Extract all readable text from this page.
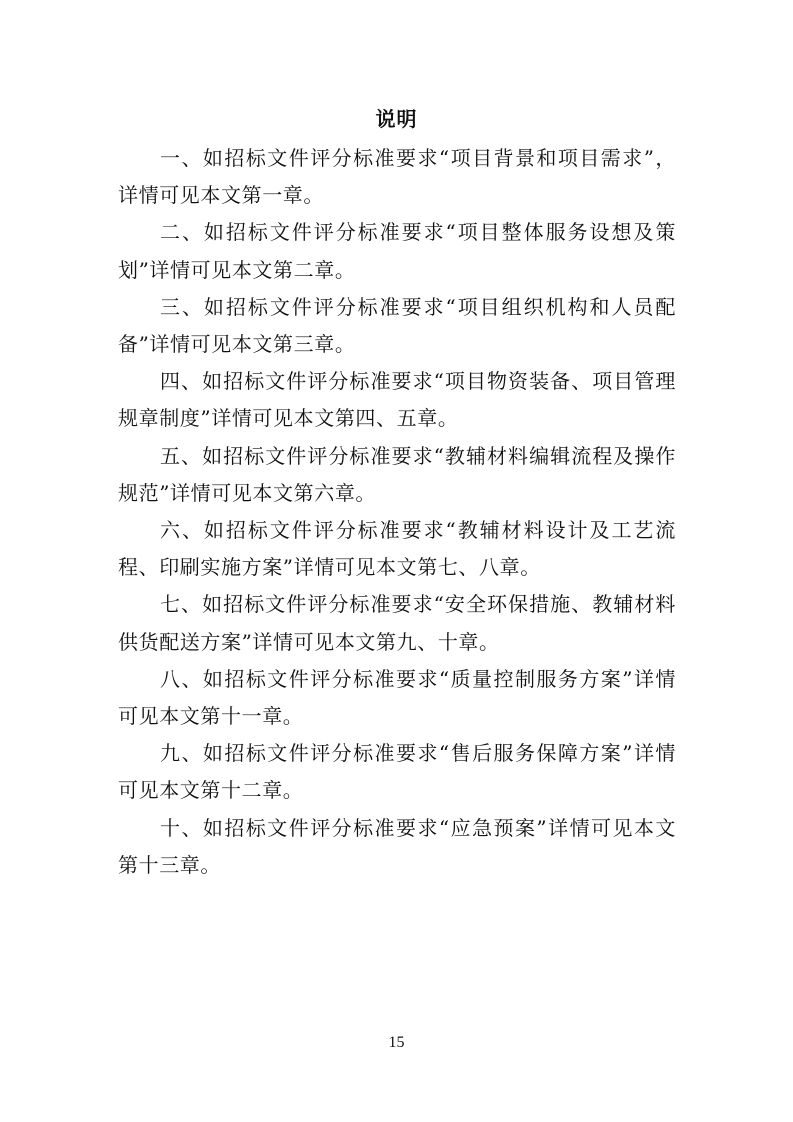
说明

一、如招标文件评分标准要求“项目背景和项目需求”，详情可见本文第一章。

二、如招标文件评分标准要求“项目整体服务设想及策划”详情可见本文第二章。

三、如招标文件评分标准要求“项目组织机构和人员配备”详情可见本文第三章。

四、如招标文件评分标准要求“项目物资装备、项目管理规章制度”详情可见本文第四、五章。

五、如招标文件评分标准要求“教辅材料编辑流程及操作规范”详情可见本文第六章。

六、如招标文件评分标准要求“教辅材料设计及工艺流程、印刷实施方案”详情可见本文第七、八章。

七、如招标文件评分标准要求“安全环保措施、教辅材料供货配送方案”详情可见本文第九、十章。

八、如招标文件评分标准要求“质量控制服务方案”详情可见本文第十一章。

九、如招标文件评分标准要求“售后服务保障方案”详情可见本文第十二章。

十、如招标文件评分标准要求“应急预案”详情可见本文第十三章。

15
